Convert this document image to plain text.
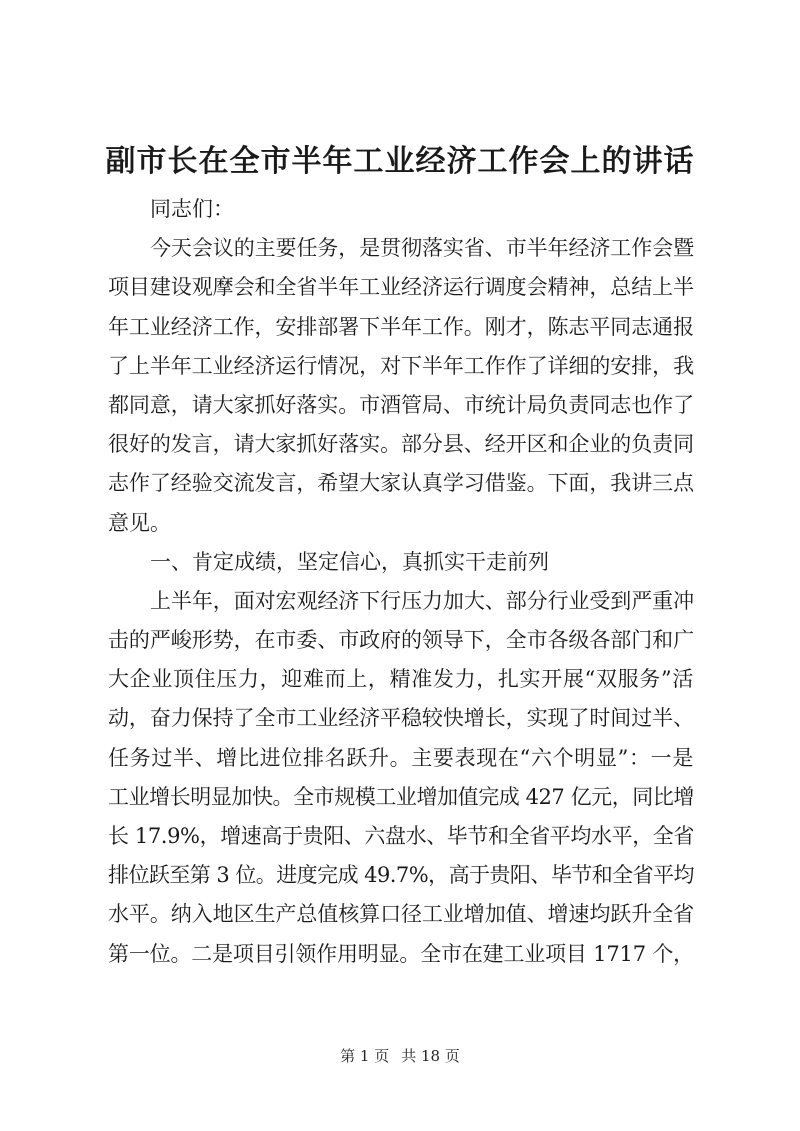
副市长在全市半年工业经济工作会上的讲话
同志们：
今天会议的主要任务，是贯彻落实省、市半年经济工作会暨
项目建设观摩会和全省半年工业经济运行调度会精神，总结上半
年工业经济工作，安排部署下半年工作。刚才，陈志平同志通报
了上半年工业经济运行情况，对下半年工作作了详细的安排，我
都同意，请大家抓好落实。市酒管局、市统计局负责同志也作了
很好的发言，请大家抓好落实。部分县、经开区和企业的负责同
志作了经验交流发言，希望大家认真学习借鉴。下面，我讲三点
意见。
一、肯定成绩，坚定信心，真抓实干走前列
上半年，面对宏观经济下行压力加大、部分行业受到严重冲
击的严峻形势，在市委、市政府的领导下，全市各级各部门和广
大企业顶住压力，迎难而上，精准发力，扎实开展“双服务”活
动，奋力保持了全市工业经济平稳较快增长，实现了时间过半、
任务过半、增比进位排名跃升。主要表现在“六个明显”：一是
工业增长明显加快。全市规模工业增加值完成 427 亿元，同比增
长 17.9%，增速高于贵阳、六盘水、毕节和全省平均水平，全省
排位跃至第 3 位。进度完成 49.7%，高于贵阳、毕节和全省平均
水平。纳入地区生产总值核算口径工业增加值、增速均跃升全省
第一位。二是项目引领作用明显。全市在建工业项目 1717 个，
第 1 页 共 18 页
